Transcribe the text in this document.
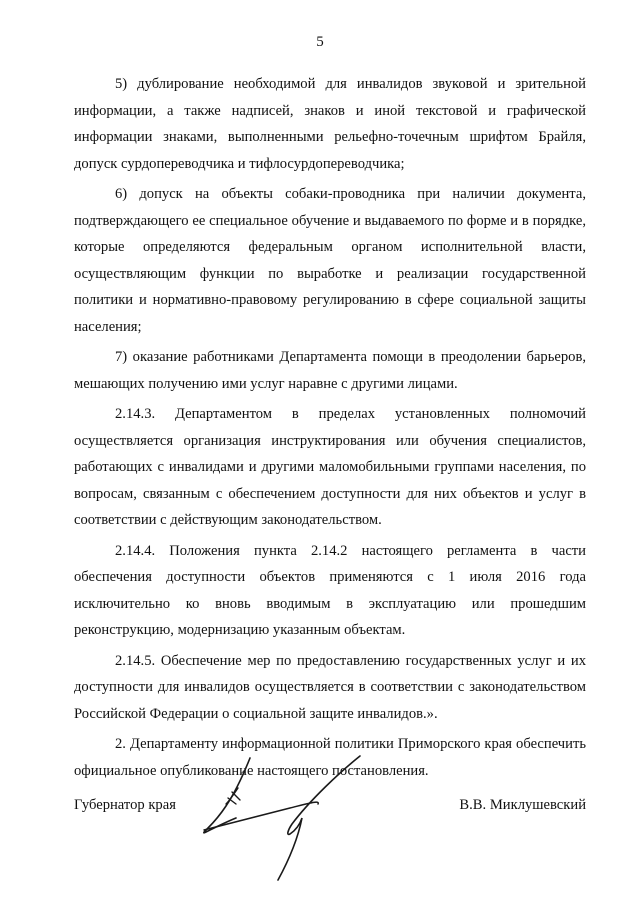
5

5) дублирование необходимой для инвалидов звуковой и зрительной информации, а также надписей, знаков и иной текстовой и графической информации знаками, выполненными рельефно-точечным шрифтом Брайля, допуск сурдопереводчика и тифлосурдопереводчика;

6) допуск на объекты собаки-проводника при наличии документа, подтверждающего ее специальное обучение и выдаваемого по форме и в порядке, которые определяются федеральным органом исполнительной власти, осуществляющим функции по выработке и реализации государственной политики и нормативно-правовому регулированию в сфере социальной защиты населения;

7) оказание работниками Департамента помощи в преодолении барьеров, мешающих получению ими услуг наравне с другими лицами.

2.14.3. Департаментом в пределах установленных полномочий осуществляется организация инструктирования или обучения специалистов, работающих с инвалидами и другими маломобильными группами населения, по вопросам, связанным с обеспечением доступности для них объектов и услуг в соответствии с действующим законодательством.

2.14.4. Положения пункта 2.14.2 настоящего регламента в части обеспечения доступности объектов применяются с 1 июля 2016 года исключительно ко вновь вводимым в эксплуатацию или прошедшим реконструкцию, модернизацию указанным объектам.

2.14.5. Обеспечение мер по предоставлению государственных услуг и их доступности для инвалидов осуществляется в соответствии с законодательством Российской Федерации о социальной защите инвалидов.».

2. Департаменту информационной политики Приморского края обеспечить официальное опубликование настоящего постановления.

Губернатор края	В.В. Миклушевский
